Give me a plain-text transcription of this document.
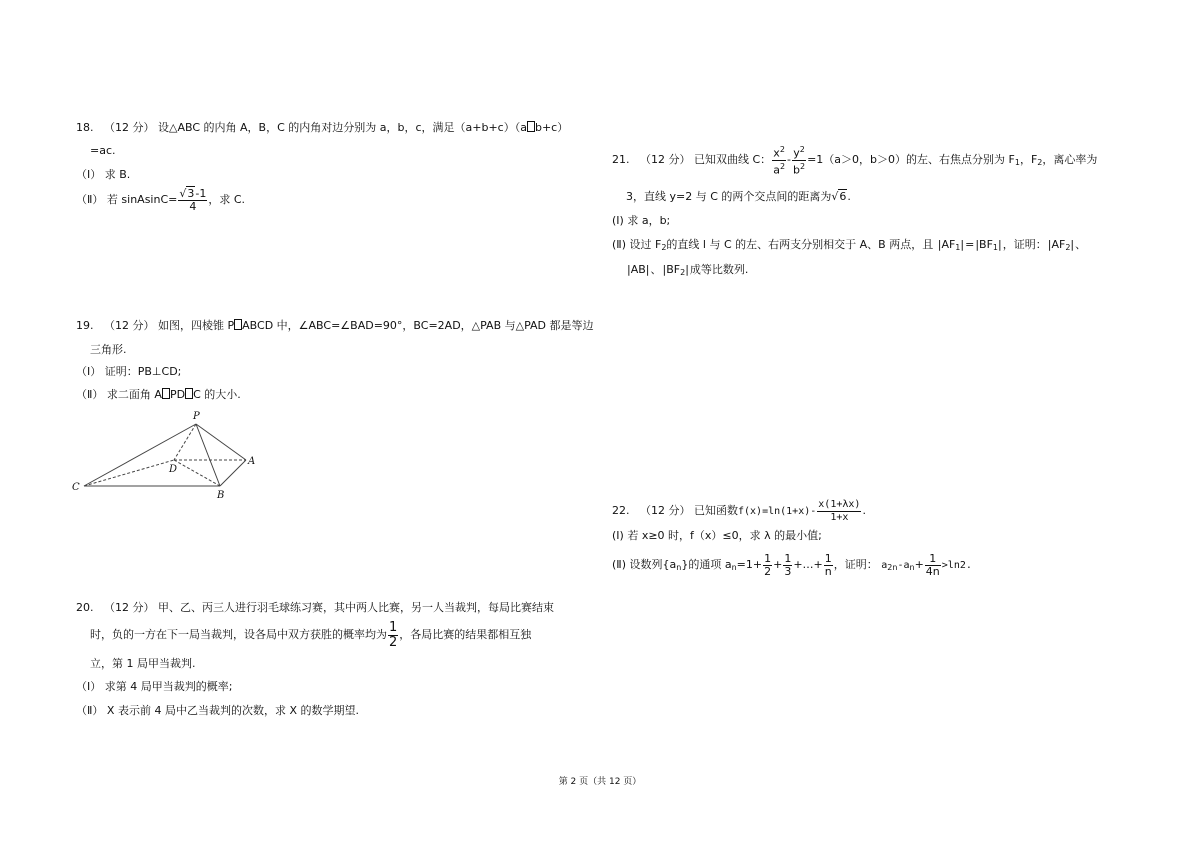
18. （12 分） 设△ABC 的内角 A，B，C 的内角对边分别为 a，b，c，满足（a+b+c）（a b+c）
=ac.
（Ⅰ） 求 B.
（Ⅱ） 若 sinAsinC= $\frac{√3-1}{4}$ ，求 C.
19. （12 分） 如图，四棱锥 P ABCD 中，∠ABC=∠BAD=90°，BC=2AD，△PAB 与△PAD 都是等边
三角形.
（Ⅰ） 证明：PB⊥CD;
（Ⅱ） 求二面角 A PD C 的大小.
P
A
B
C
D
20. （12 分） 甲、乙、丙三人进行羽毛球练习赛，其中两人比赛，另一人当裁判，每局比赛结束
时，负的一方在下一局当裁判，设各局中双方获胜的概率均为 $\frac{1}{2}$ ，各局比赛的结果都相互独
立，第 1 局甲当裁判.
（Ⅰ） 求第 4 局甲当裁判的概率;
（Ⅱ） X 表示前 4 局中乙当裁判的次数，求 X 的数学期望.
21. （12 分） 已知双曲线 C： $\frac{x^2}{a^2} - \frac{y^2}{b^2} =1(a>0$，b＞0）的左、右焦点分别为 $F_1$，$F_2$，离心率为
3，直线 y=2 与 C 的两个交点间的距离为√6.
(Ⅰ) 求 a，b;
(Ⅱ) 设过 $F_2$的直线 l 与 C 的左、右两支分别相交于 A、B 两点，且 $|AF_1|=|BF_1|$，证明：$|AF_2|$、
|AB|、$|BF_2|$成等比数列.
22. （12 分） 已知函数$f(x)=\ln(1+x)- \frac{x(1+\lambda x)}{1+x}$ .
(Ⅰ) 若 x≥0 时，f（x）≤0，求 λ 的最小值;
(Ⅱ) 设数列$\{a_n\}$的通项 $a_n=1+ \frac{1}{2} + \frac{1}{3}$ +…+ $\frac{1}{n}$ ，证明： $a_{2n}-a_n+ \frac{1}{4n} >\ln 2$.
第 2 页（共 12 页）
